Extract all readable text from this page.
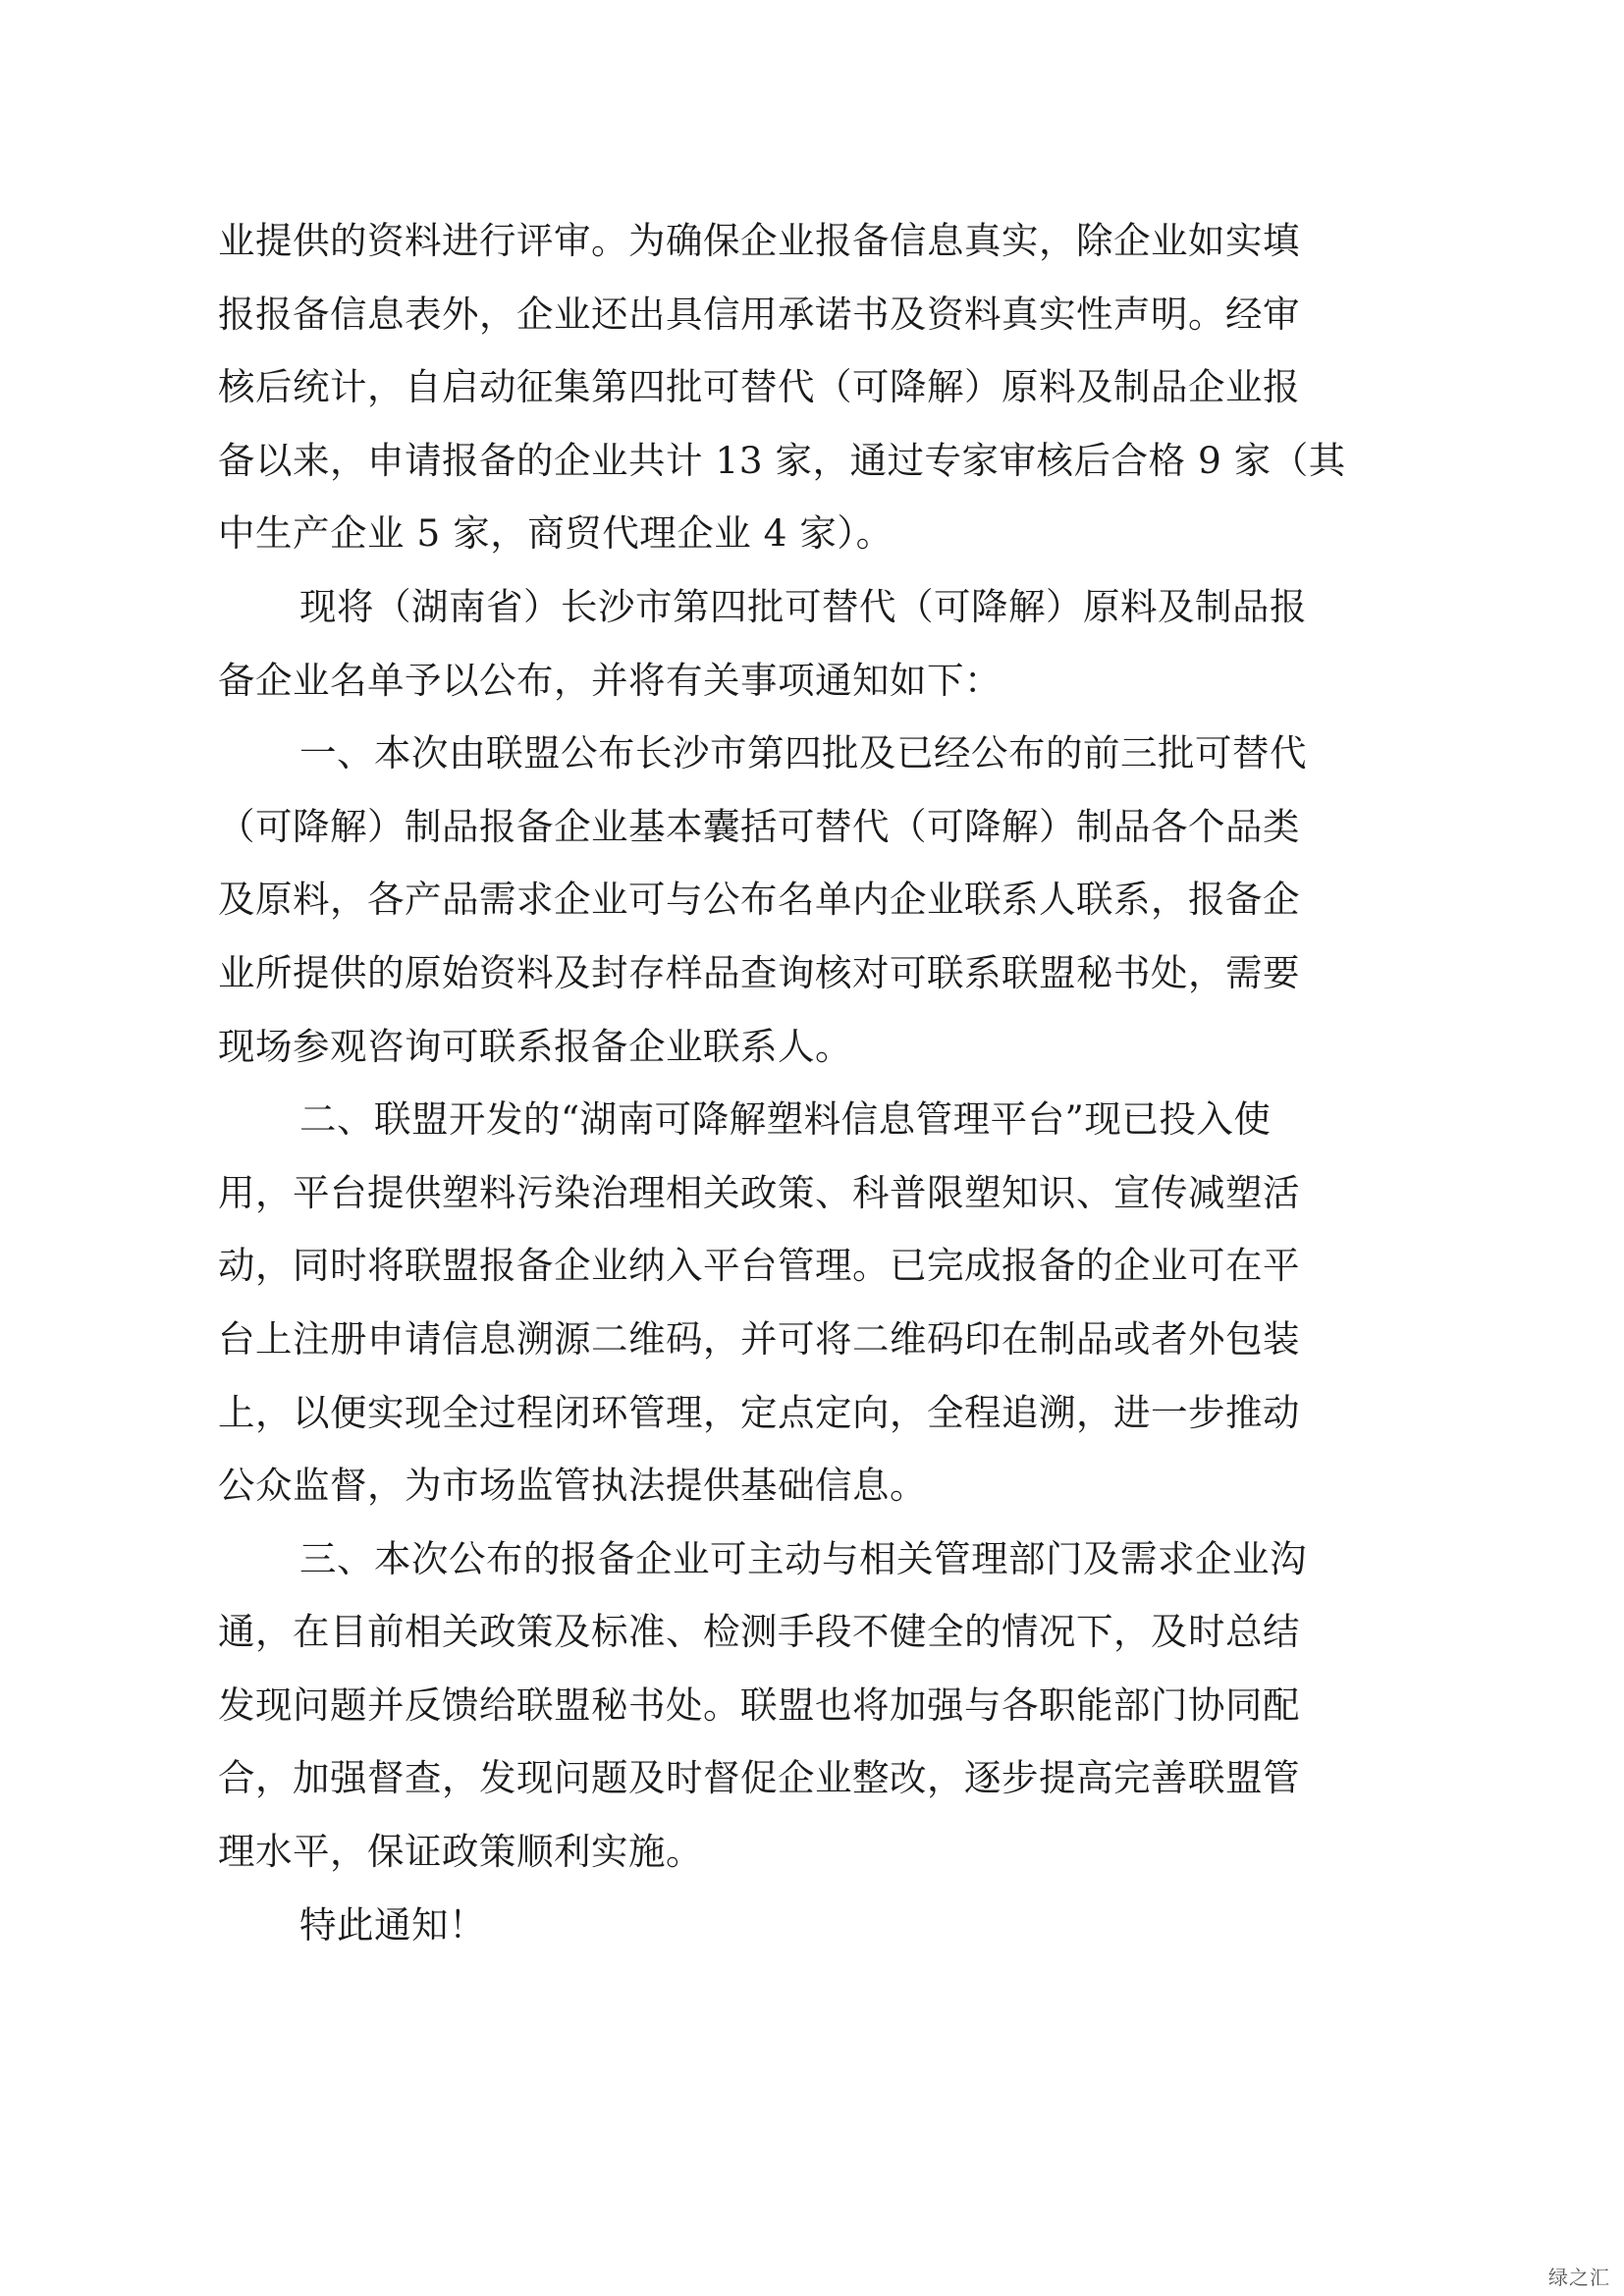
业提供的资料进行评审。为确保企业报备信息真实，除企业如实填
报报备信息表外，企业还出具信用承诺书及资料真实性声明。经审
核后统计，自启动征集第四批可替代（可降解）原料及制品企业报
备以来，申请报备的企业共计 13 家，通过专家审核后合格 9 家（其
中生产企业 5 家，商贸代理企业 4 家）。
现将（湖南省）长沙市第四批可替代（可降解）原料及制品报
备企业名单予以公布，并将有关事项通知如下：
一、本次由联盟公布长沙市第四批及已经公布的前三批可替代
（可降解）制品报备企业基本囊括可替代（可降解）制品各个品类
及原料，各产品需求企业可与公布名单内企业联系人联系，报备企
业所提供的原始资料及封存样品查询核对可联系联盟秘书处，需要
现场参观咨询可联系报备企业联系人。
二、联盟开发的“湖南可降解塑料信息管理平台”现已投入使
用，平台提供塑料污染治理相关政策、科普限塑知识、宣传减塑活
动，同时将联盟报备企业纳入平台管理。已完成报备的企业可在平
台上注册申请信息溯源二维码，并可将二维码印在制品或者外包装
上，以便实现全过程闭环管理，定点定向，全程追溯，进一步推动
公众监督，为市场监管执法提供基础信息。
三、本次公布的报备企业可主动与相关管理部门及需求企业沟
通，在目前相关政策及标准、检测手段不健全的情况下，及时总结
发现问题并反馈给联盟秘书处。联盟也将加强与各职能部门协同配
合，加强督查，发现问题及时督促企业整改，逐步提高完善联盟管
理水平，保证政策顺利实施。
特此通知！
绿之汇
